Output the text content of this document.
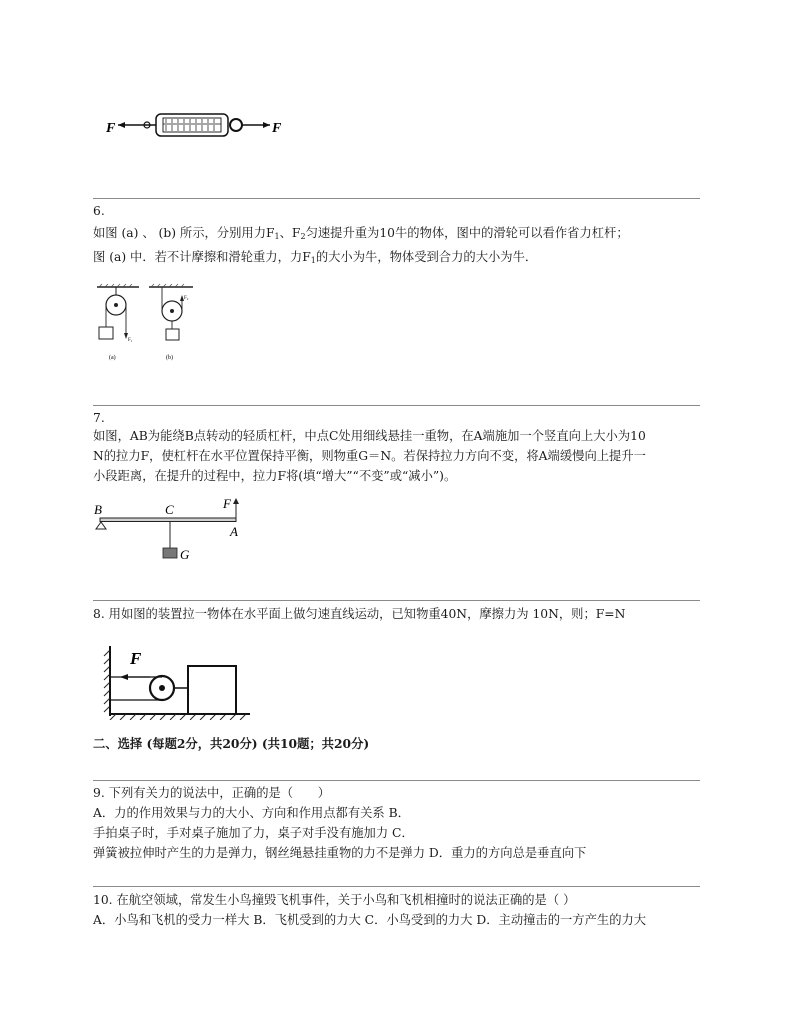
F	F
6.
如图 (a) 、 (b) 所示，分别用力$F_1$、$F_2$匀速提升重为10牛的物体，图中的滑轮可以看作省力杠杆；
图 (a) 中．若不计摩擦和滑轮重力，力$F_1$的大小为牛，物体受到合力的大小为牛．
F₁
(a)
F₂
(b)
7.
如图，AB为能绕B点转动的轻质杠杆，中点C处用细线悬挂一重物，在A端施加一个竖直向上大小为10
N的拉力F，使杠杆在水平位置保持平衡，则物重G＝N。若保持拉力方向不变，将A端缓慢向上提升一
小段距离，在提升的过程中，拉力F将(填“增大”“不变”或“减小”)。
B	C	F
A
G
8. 用如图的装置拉一物体在水平面上做匀速直线运动，已知物重40N，摩擦力为 10N，则；F=N
F
二、选择 (每题2分，共20分) (共10题；共20分)
9. 下列有关力的说法中，正确的是（　　）
A．力的作用效果与力的大小、方向和作用点都有关系 B．
手拍桌子时，手对桌子施加了力，桌子对手没有施加力 C．
弹簧被拉伸时产生的力是弹力，钢丝绳悬挂重物的力不是弹力 D．重力的方向总是垂直向下
10. 在航空领域，常发生小鸟撞毁飞机事件，关于小鸟和飞机相撞时的说法正确的是（ ）
A．小鸟和飞机的受力一样大 B．飞机受到的力大 C．小鸟受到的力大 D．主动撞击的一方产生的力大
